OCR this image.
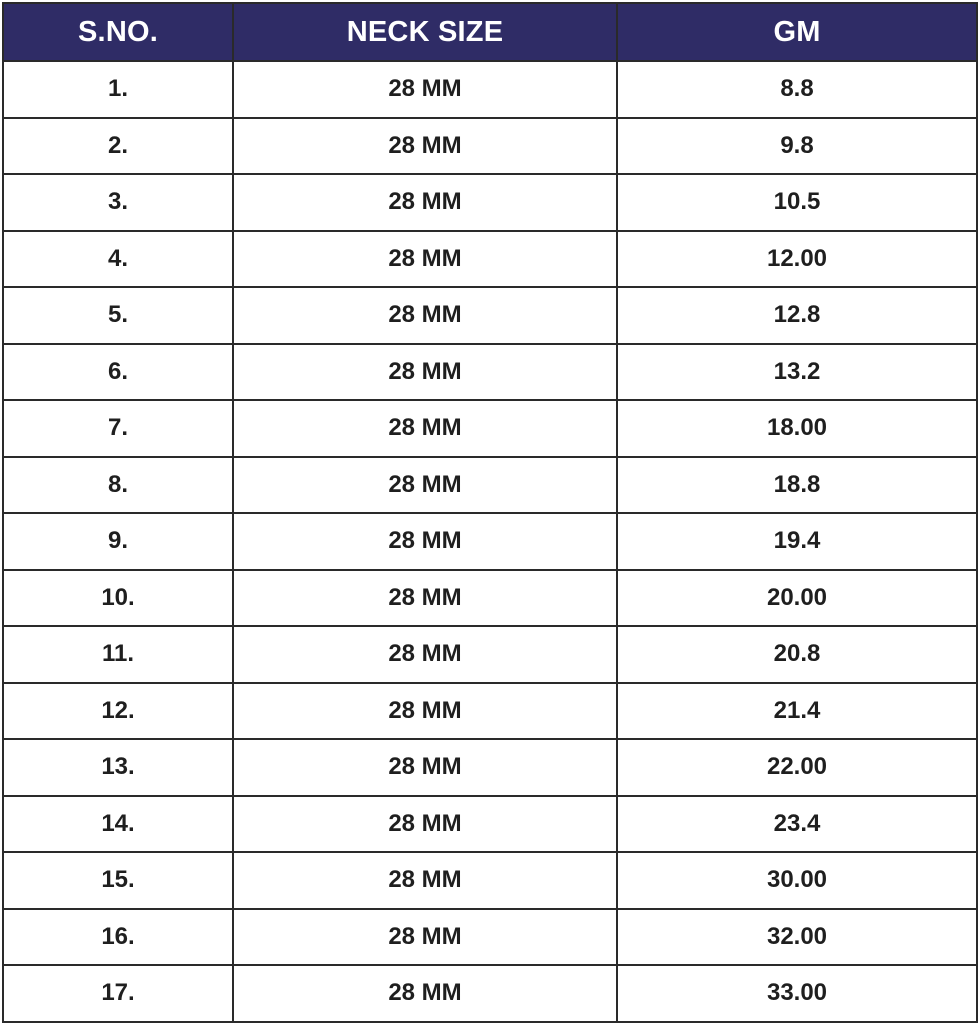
S.NO.	NECK SIZE	GM
1.	28 MM	8.8
2.	28 MM	9.8
3.	28 MM	10.5
4.	28 MM	12.00
5.	28 MM	12.8
6.	28 MM	13.2
7.	28 MM	18.00
8.	28 MM	18.8
9.	28 MM	19.4
10.	28 MM	20.00
11.	28 MM	20.8
12.	28 MM	21.4
13.	28 MM	22.00
14.	28 MM	23.4
15.	28 MM	30.00
16.	28 MM	32.00
17.	28 MM	33.00
